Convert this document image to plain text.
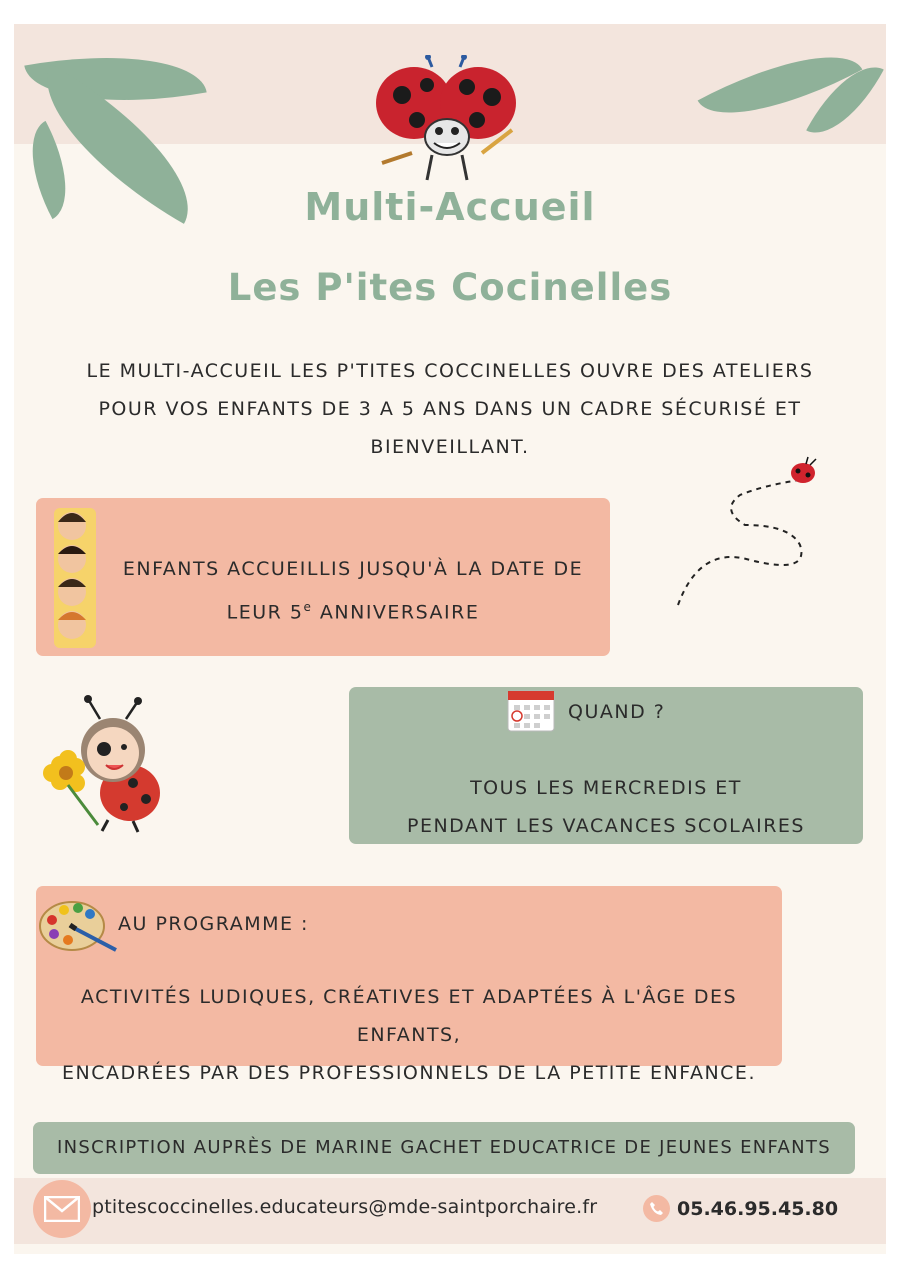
Multi-Accueil
Les P'ites Cocinelles
LE MULTI-ACCUEIL LES P'TITES COCCINELLES OUVRE DES ATELIERS
POUR VOS ENFANTS DE 3 A 5 ANS DANS UN CADRE SÉCURISÉ ET
BIENVEILLANT.
ENFANTS ACCUEILLIS JUSQU'À LA DATE DE
LEUR 5e ANNIVERSAIRE
QUAND ?
TOUS LES MERCREDIS ET
PENDANT LES VACANCES SCOLAIRES
AU PROGRAMME :
ACTIVITÉS LUDIQUES, CRÉATIVES ET ADAPTÉES À L'ÂGE DES ENFANTS,
ENCADRÉES PAR DES PROFESSIONNELS DE LA PETITE ENFANCE.
INSCRIPTION AUPRÈS DE MARINE GACHET EDUCATRICE DE JEUNES ENFANTS
ptitescoccinelles.educateurs@mde-saintporchaire.fr	05.46.95.45.80
